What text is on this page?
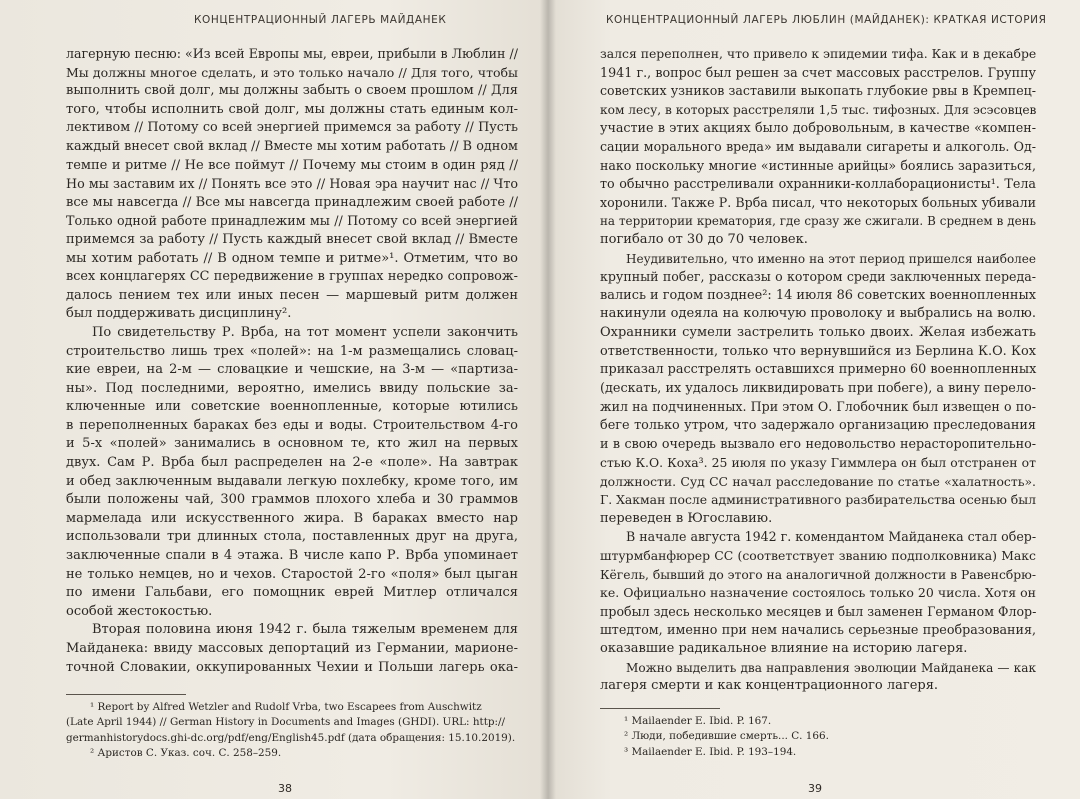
КОНЦЕНТРАЦИОННЫЙ ЛАГЕРЬ МАЙДАНЕК
лагерную песню: «Из всей Европы мы, евреи, прибыли в Люблин //
Мы должны многое сделать, и это только начало // Для того, чтобы
выполнить свой долг, мы должны забыть о своем прошлом // Для
того, чтобы исполнить свой долг, мы должны стать единым кол-
лективом // Потому со всей энергией примемся за работу // Пусть
каждый внесет свой вклад // Вместе мы хотим работать // В одном
темпе и ритме // Не все поймут // Почему мы стоим в один ряд //
Но мы заставим их // Понять все это // Новая эра научит нас // Что
все мы навсегда // Все мы навсегда принадлежим своей работе //
Только одной работе принадлежим мы // Потому со всей энергией
примемся за работу // Пусть каждый внесет свой вклад // Вместе
мы хотим работать // В одном темпе и ритме»¹. Отметим, что во
всех концлагерях СС передвижение в группах нередко сопровож-
далось пением тех или иных песен — маршевый ритм должен
был поддерживать дисциплину².
По свидетельству Р. Врба, на тот момент успели закончить
строительство лишь трех «полей»: на 1-м размещались словац-
кие евреи, на 2-м — словацкие и чешские, на 3-м — «партиза-
ны». Под последними, вероятно, имелись ввиду польские за-
ключенные или советские военнопленные, которые ютились
в переполненных бараках без еды и воды. Строительством 4-го
и 5-х «полей» занимались в основном те, кто жил на первых
двух. Сам Р. Врба был распределен на 2-е «поле». На завтрак
и обед заключенным выдавали легкую похлебку, кроме того, им
были положены чай, 300 граммов плохого хлеба и 30 граммов
мармелада или искусственного жира. В бараках вместо нар
использовали три длинных стола, поставленных друг на друга,
заключенные спали в 4 этажа. В числе капо Р. Врба упоминает
не только немцев, но и чехов. Старостой 2-го «поля» был цыган
по имени Гальбави, его помощник еврей Митлер отличался
особой жестокостью.
Вторая половина июня 1942 г. была тяжелым временем для
Майданека: ввиду массовых депортаций из Германии, марионе-
точной Словакии, оккупированных Чехии и Польши лагерь ока-
¹ Report by Alfred Wetzler and Rudolf Vrba, two Escapees from Auschwitz
(Late April 1944) // German History in Documents and Images (GHDI). URL: http://
germanhistorydocs.ghi-dc.org/pdf/eng/English45.pdf (дата обращения: 15.10.2019).
² Аристов С. Указ. соч. С. 258–259.
38
КОНЦЕНТРАЦИОННЫЙ ЛАГЕРЬ ЛЮБЛИН (МАЙДАНЕК): КРАТКАЯ ИСТОРИЯ
зался переполнен, что привело к эпидемии тифа. Как и в декабре
1941 г., вопрос был решен за счет массовых расстрелов. Группу
советских узников заставили выкопать глубокие рвы в Кремпец-
ком лесу, в которых расстреляли 1,5 тыс. тифозных. Для эсэсовцев
участие в этих акциях было добровольным, в качестве «компен-
сации морального вреда» им выдавали сигареты и алкоголь. Од-
нако поскольку многие «истинные арийцы» боялись заразиться,
то обычно расстреливали охранники-коллаборационисты¹. Тела
хоронили. Также Р. Врба писал, что некоторых больных убивали
на территории крематория, где сразу же сжигали. В среднем в день
погибало от 30 до 70 человек.
Неудивительно, что именно на этот период пришелся наиболее
крупный побег, рассказы о котором среди заключенных переда-
вались и годом позднее²: 14 июля 86 советских военнопленных
накинули одеяла на колючую проволоку и выбрались на волю.
Охранники сумели застрелить только двоих. Желая избежать
ответственности, только что вернувшийся из Берлина К.О. Кох
приказал расстрелять оставшихся примерно 60 военнопленных
(дескать, их удалось ликвидировать при побеге), а вину перело-
жил на подчиненных. При этом О. Глобочник был извещен о по-
беге только утром, что задержало организацию преследования
и в свою очередь вызвало его недовольство нерасторопительно-
стью К.О. Коха³. 25 июля по указу Гиммлера он был отстранен от
должности. Суд СС начал расследование по статье «халатность».
Г. Хакман после административного разбирательства осенью был
переведен в Югославию.
В начале августа 1942 г. комендантом Майданека стал обер-
штурмбанфюрер СС (соответствует званию подполковника) Макс
Кёгель, бывший до этого на аналогичной должности в Равенсбрю-
ке. Официально назначение состоялось только 20 числа. Хотя он
пробыл здесь несколько месяцев и был заменен Германом Флор-
штедтом, именно при нем начались серьезные преобразования,
оказавшие радикальное влияние на историю лагеря.
Можно выделить два направления эволюции Майданека — как
лагеря смерти и как концентрационного лагеря.
¹ Mailaender E. Ibid. P. 167.
² Люди, победившие смерть... С. 166.
³ Mailaender E. Ibid. P. 193–194.
39
